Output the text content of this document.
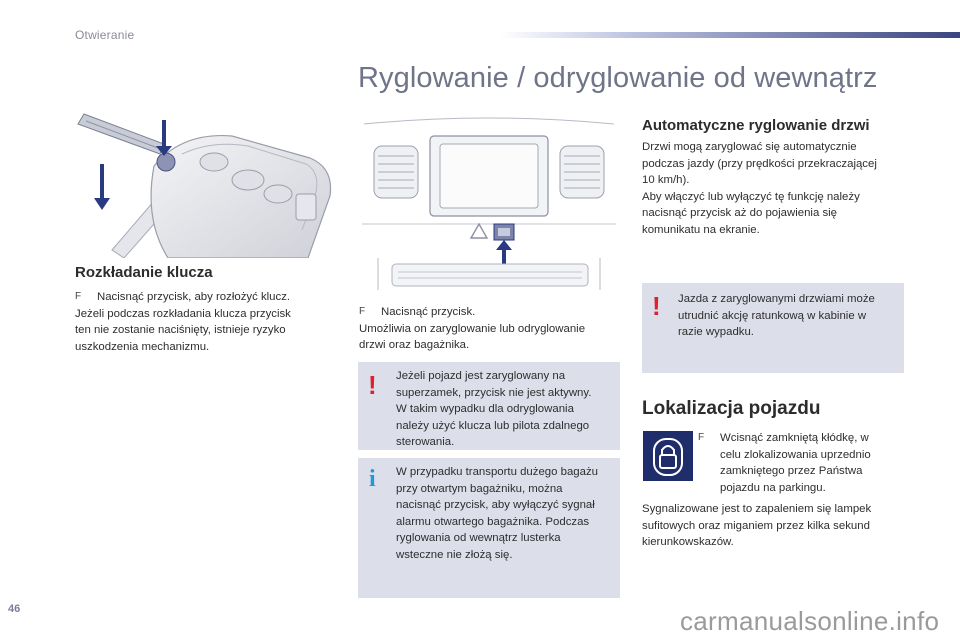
Otwieranie
Ryglowanie / odryglowanie od wewnątrz
Rozkładanie klucza
F Nacisnąć przycisk, aby rozłożyć klucz.
Jeżeli podczas rozkładania klucza przycisk
ten nie zostanie naciśnięty, istnieje ryzyko
uszkodzenia mechanizmu.
F Nacisnąć przycisk.
Umożliwia on zaryglowanie lub odryglowanie
drzwi oraz bagażnika.
! Jeżeli pojazd jest zaryglowany na
superzamek, przycisk nie jest aktywny.
W takim wypadku dla odryglowania
należy użyć klucza lub pilota zdalnego
sterowania.
i W przypadku transportu dużego bagażu
przy otwartym bagażniku, można
nacisnąć przycisk, aby wyłączyć sygnał
alarmu otwartego bagażnika. Podczas
ryglowania od wewnątrz lusterka
wsteczne nie złożą się.
Automatyczne ryglowanie drzwi
Drzwi mogą zaryglować się automatycznie
podczas jazdy (przy prędkości przekraczającej
10 km/h).
Aby włączyć lub wyłączyć tę funkcję należy
nacisnąć przycisk aż do pojawienia się
komunikatu na ekranie.
! Jazda z zaryglowanymi drzwiami może
utrudnić akcję ratunkową w kabinie w
razie wypadku.
Lokalizacja pojazdu
F Wcisnąć zamkniętą kłódkę, w
celu zlokalizowania uprzednio
zamkniętego przez Państwa
pojazdu na parkingu.
Sygnalizowane jest to zapaleniem się lampek
sufitowych oraz miganiem przez kilka sekund
kierunkowskazów.
46	carmanualsonline.info
